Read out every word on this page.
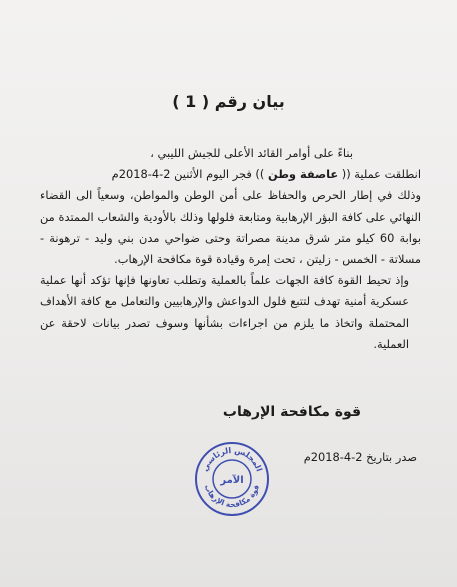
بيان رقم ( 1 )

بناءً على أوامر القائد الأعلى للجيش الليبي ،

انطلقت عملية (( عاصفة وطن )) فجر اليوم الأثنين 2-4-2018م

وذلك في إطار الحرص والحفاظ على أمن الوطن والمواطن، وسعياً الى القضاء النهائي على كافة البؤر الإرهابية ومتابعة فلولها وذلك بالأودية والشعاب الممتدة من بوابة 60 كيلو متر شرق مدينة مصراتة وحتى ضواحي مدن بني وليد - ترهونة - مسلاتة - الخمس - زليتن ، تحت إمرة وقيادة قوة مكافحة الإرهاب.

وإذ تحيط القوة كافة الجهات علماً بالعملية وتطلب تعاونها فإنها تؤكد أنها عملية عسكرية أمنية تهدف لتتبع فلول الدواعش والإرهابيين والتعامل مع كافة الأهداف المحتملة واتخاذ ما يلزم من اجراءات بشأنها وسوف تصدر بيانات لاحقة عن العملية.

قوة مكافحة الإرهاب
صدر بتاريخ 2-4-2018م
المجلس الرئاسي
قوة مكافحة الإرهاب
الآمر
